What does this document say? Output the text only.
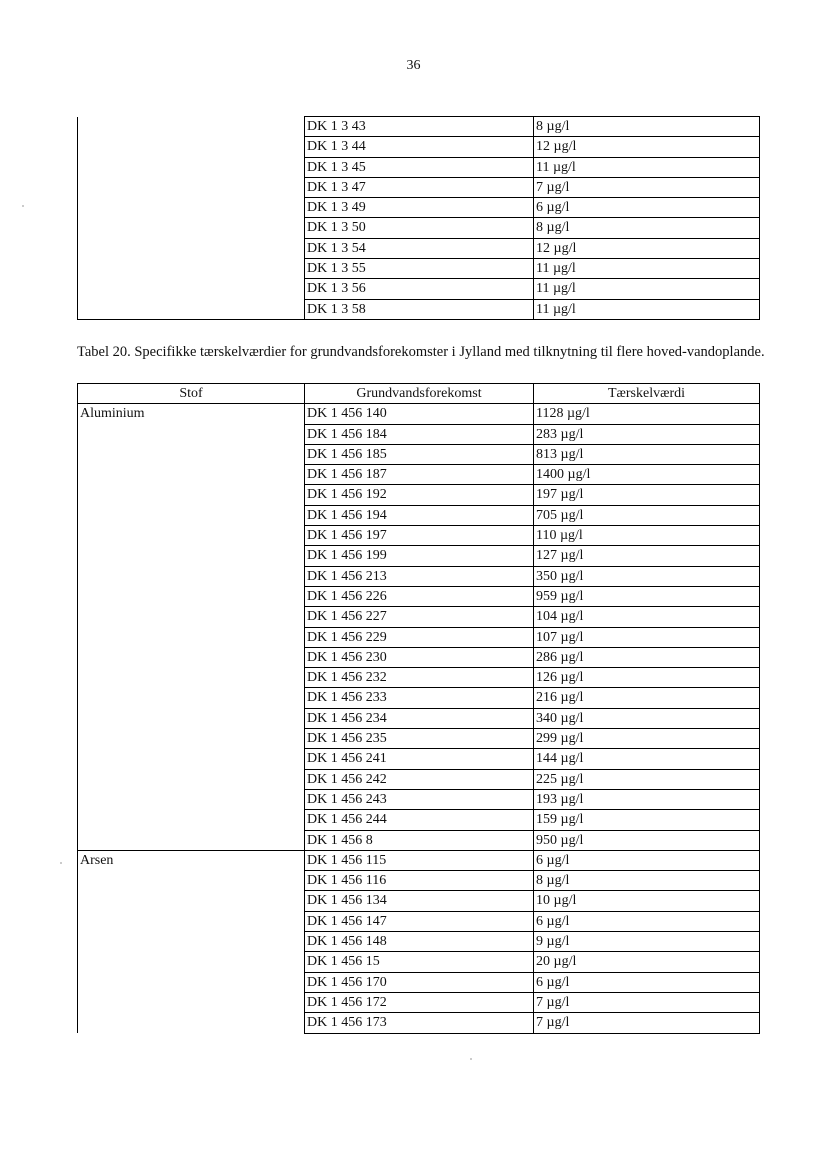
36
	DK 1 3 43	8 µg/l
	DK 1 3 44	12 µg/l
	DK 1 3 45	11 µg/l
	DK 1 3 47	7 µg/l
	DK 1 3 49	6 µg/l
	DK 1 3 50	8 µg/l
	DK 1 3 54	12 µg/l
	DK 1 3 55	11 µg/l
	DK 1 3 56	11 µg/l
	DK 1 3 58	11 µg/l
Tabel 20. Specifikke tærskelværdier for grundvandsforekomster i Jylland med tilknytning til flere hoved-vandoplande.
Stof	Grundvandsforekomst	Tærskelværdi
Aluminium	DK 1 456 140	1128 µg/l
	DK 1 456 184	283 µg/l
	DK 1 456 185	813 µg/l
	DK 1 456 187	1400 µg/l
	DK 1 456 192	197 µg/l
	DK 1 456 194	705 µg/l
	DK 1 456 197	110 µg/l
	DK 1 456 199	127 µg/l
	DK 1 456 213	350 µg/l
	DK 1 456 226	959 µg/l
	DK 1 456 227	104 µg/l
	DK 1 456 229	107 µg/l
	DK 1 456 230	286 µg/l
	DK 1 456 232	126 µg/l
	DK 1 456 233	216 µg/l
	DK 1 456 234	340 µg/l
	DK 1 456 235	299 µg/l
	DK 1 456 241	144 µg/l
	DK 1 456 242	225 µg/l
	DK 1 456 243	193 µg/l
	DK 1 456 244	159 µg/l
	DK 1 456 8	950 µg/l
Arsen	DK 1 456 115	6 µg/l
	DK 1 456 116	8 µg/l
	DK 1 456 134	10 µg/l
	DK 1 456 147	6 µg/l
	DK 1 456 148	9 µg/l
	DK 1 456 15	20 µg/l
	DK 1 456 170	6 µg/l
	DK 1 456 172	7 µg/l
	DK 1 456 173	7 µg/l
